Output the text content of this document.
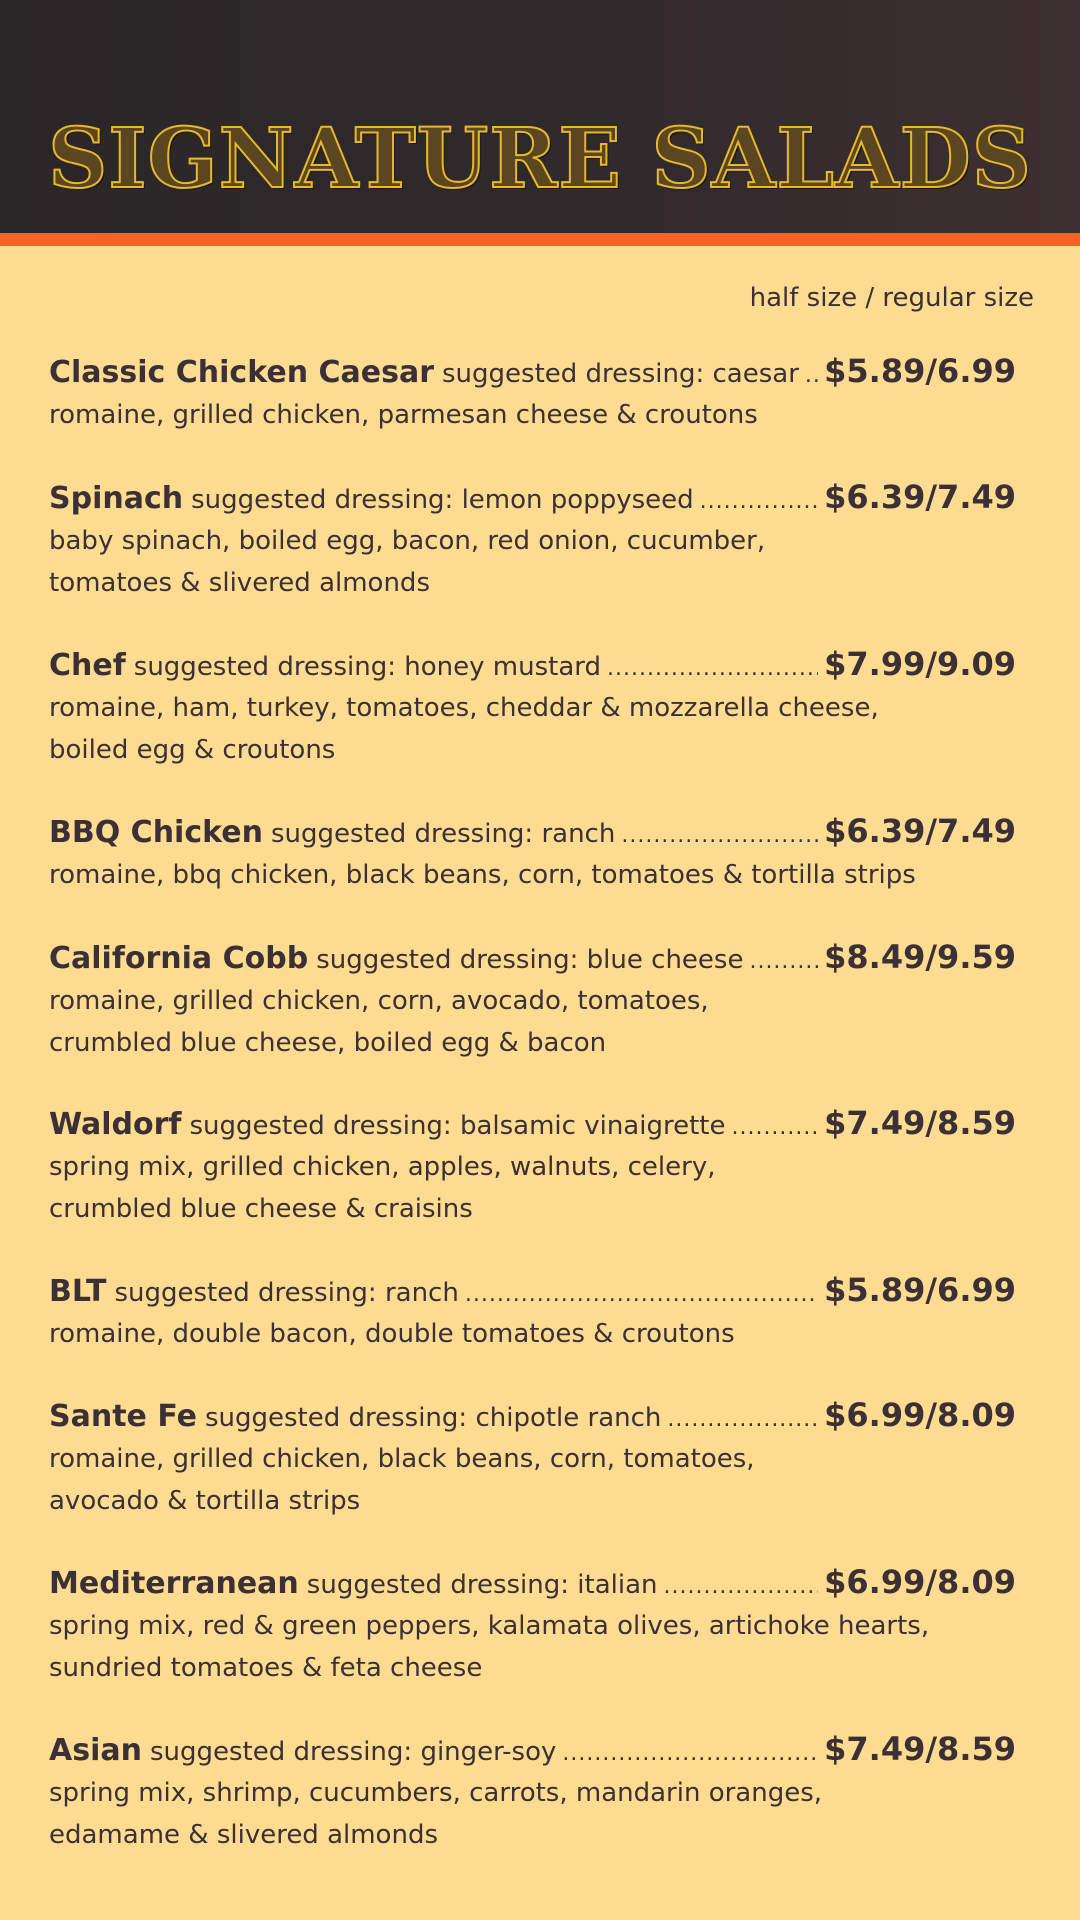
SIGNATURE SALADS
half size / regular size
Classic Chicken Caesar suggested dressing: caesar ..... $5.89/6.99
romaine, grilled chicken, parmesan cheese & croutons
Spinach suggested dressing: lemon poppyseed .....	$6.39/7.49
baby spinach, boiled egg, bacon, red onion, cucumber,
tomatoes & slivered almonds
Chef suggested dressing: honey mustard .....	$7.99/9.09
romaine, ham, turkey, tomatoes, cheddar & mozzarella cheese,
boiled egg & croutons
BBQ Chicken suggested dressing: ranch .....	$6.39/7.49
romaine, bbq chicken, black beans, corn, tomatoes & tortilla strips
California Cobb suggested dressing: blue cheese .....	$8.49/9.59
romaine, grilled chicken, corn, avocado, tomatoes,
crumbled blue cheese, boiled egg & bacon
Waldorf suggested dressing: balsamic vinaigrette .....	$7.49/8.59
spring mix, grilled chicken, apples, walnuts, celery,
crumbled blue cheese & craisins
BLT suggested dressing: ranch .....	$5.89/6.99
romaine, double bacon, double tomatoes & croutons
Sante Fe suggested dressing: chipotle ranch .....	$6.99/8.09
romaine, grilled chicken, black beans, corn, tomatoes,
avocado & tortilla strips
Mediterranean suggested dressing: italian .....	$6.99/8.09
spring mix, red & green peppers, kalamata olives, artichoke hearts,
sundried tomatoes & feta cheese
Asian suggested dressing: ginger-soy .....	$7.49/8.59
spring mix, shrimp, cucumbers, carrots, mandarin oranges,
edamame & slivered almonds
